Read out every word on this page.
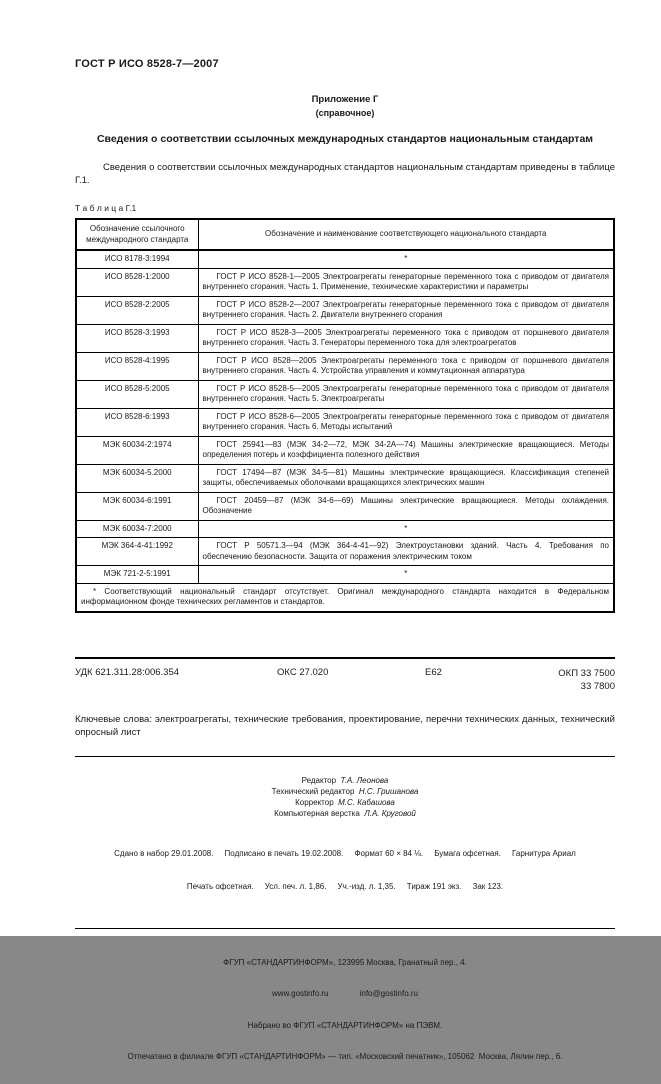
ГОСТ Р ИСО 8528-7—2007
Приложение Г
(справочное)
Сведения о соответствии ссылочных международных стандартов национальным стандартам
Сведения о соответствии ссылочных международных стандартов национальным стандартам приведены в таблице Г.1.
Т а б л и ц а Г.1
Обозначение ссылочного международного стандарта	Обозначение и наименование соответствующего национального стандарта
ИСО 8178-3:1994	*
ИСО 8528-1:2000	ГОСТ Р ИСО 8528-1—2005 Электроагрегаты генераторные переменного тока с приводом от двигателя внутреннего сгорания. Часть 1. Применение, технические характеристики и параметры
ИСО 8528-2:2005	ГОСТ Р ИСО 8528-2—2007 Электроагрегаты генераторные переменного тока с приводом от двигателя внутреннего сгорания. Часть 2. Двигатели внутреннего сгорания
ИСО 8528-3:1993	ГОСТ Р ИСО 8528-3—2005 Электроагрегаты переменного тока с приводом от поршневого двигателя внутреннего сгорания. Часть 3. Генераторы переменного тока для электроагрегатов
ИСО 8528-4:1995	ГОСТ Р ИСО 8528—2005 Электроагрегаты переменного тока с приводом от поршневого двигателя внутреннего сгорания. Часть 4. Устройства управления и коммутационная аппаратура
ИСО 8528-5:2005	ГОСТ Р ИСО 8528-5—2005 Электроагрегаты генераторные переменного тока с приводом от двигателя внутреннего сгорания. Часть 5. Электроагрегаты
ИСО 8528-6:1993	ГОСТ Р ИСО 8528-6—2005 Электроагрегаты генераторные переменного тока с приводом от двигателя внутреннего сгорания. Часть 6. Методы испытаний
МЭК 60034-2:1974	ГОСТ 25941—83 (МЭК 34-2—72, МЭК 34-2А—74) Машины электрические вращающиеся. Методы определения потерь и коэффициента полезного действия
МЭК 60034-5.2000	ГОСТ 17494—87 (МЭК 34-5—81) Машины электрические вращающиеся. Классификация степеней защиты, обеспечиваемых оболочками вращающихся электрических машин
МЭК 60034-6:1991	ГОСТ 20459—87 (МЭК 34-6—69) Машины электрические вращающиеся. Методы охлаждения. Обозначение
МЭК 60034-7:2000	*
МЭК 364-4-41:1992	ГОСТ Р 50571.3—94 (МЭК 364-4-41—92) Электроустановки зданий. Часть 4. Требования по обеспечению безопасности. Защита от поражения электрическим током
МЭК 721-2-5:1991	*
* Соответствующий национальный стандарт отсутствует. Оригинал международного стандарта находится в Федеральном информационном фонде технических регламентов и стандартов.	
УДК 621.311.28:006.354	ОКС 27.020	Е62	ОКП 33 7500
33 7800
Ключевые слова: электроагрегаты, технические требования, проектирование, перечни технических данных, технический опросный лист
Редактор Т.А. Леонова
Технический редактор Н.С. Гришанова
Корректор М.С. Кабашова
Компьютерная верстка Л.А. Круговой

Сдано в набор 29.01.2008.     Подписано в печать 19.02.2008.     Формат 60 × 84 ⅛.     Бумага офсетная.     Гарнитура Ариал

Печать офсетная.     Усл. печ. л. 1,86.     Уч.-изд. л. 1,35.     Тираж 191 экз.     Зак 123.

ФГУП «СТАНДАРТИНФОРМ», 123995 Москва, Гранатный пер., 4.

www.gostinfo.ru              info@gostinfo.ru

Набрано во ФГУП «СТАНДАРТИНФОРМ» на ПЭВМ.

Отпечатано в филиале ФГУП «СТАНДАРТИНФОРМ» — тип. «Московский печатник», 105062  Москва, Лялин пер., 6.
